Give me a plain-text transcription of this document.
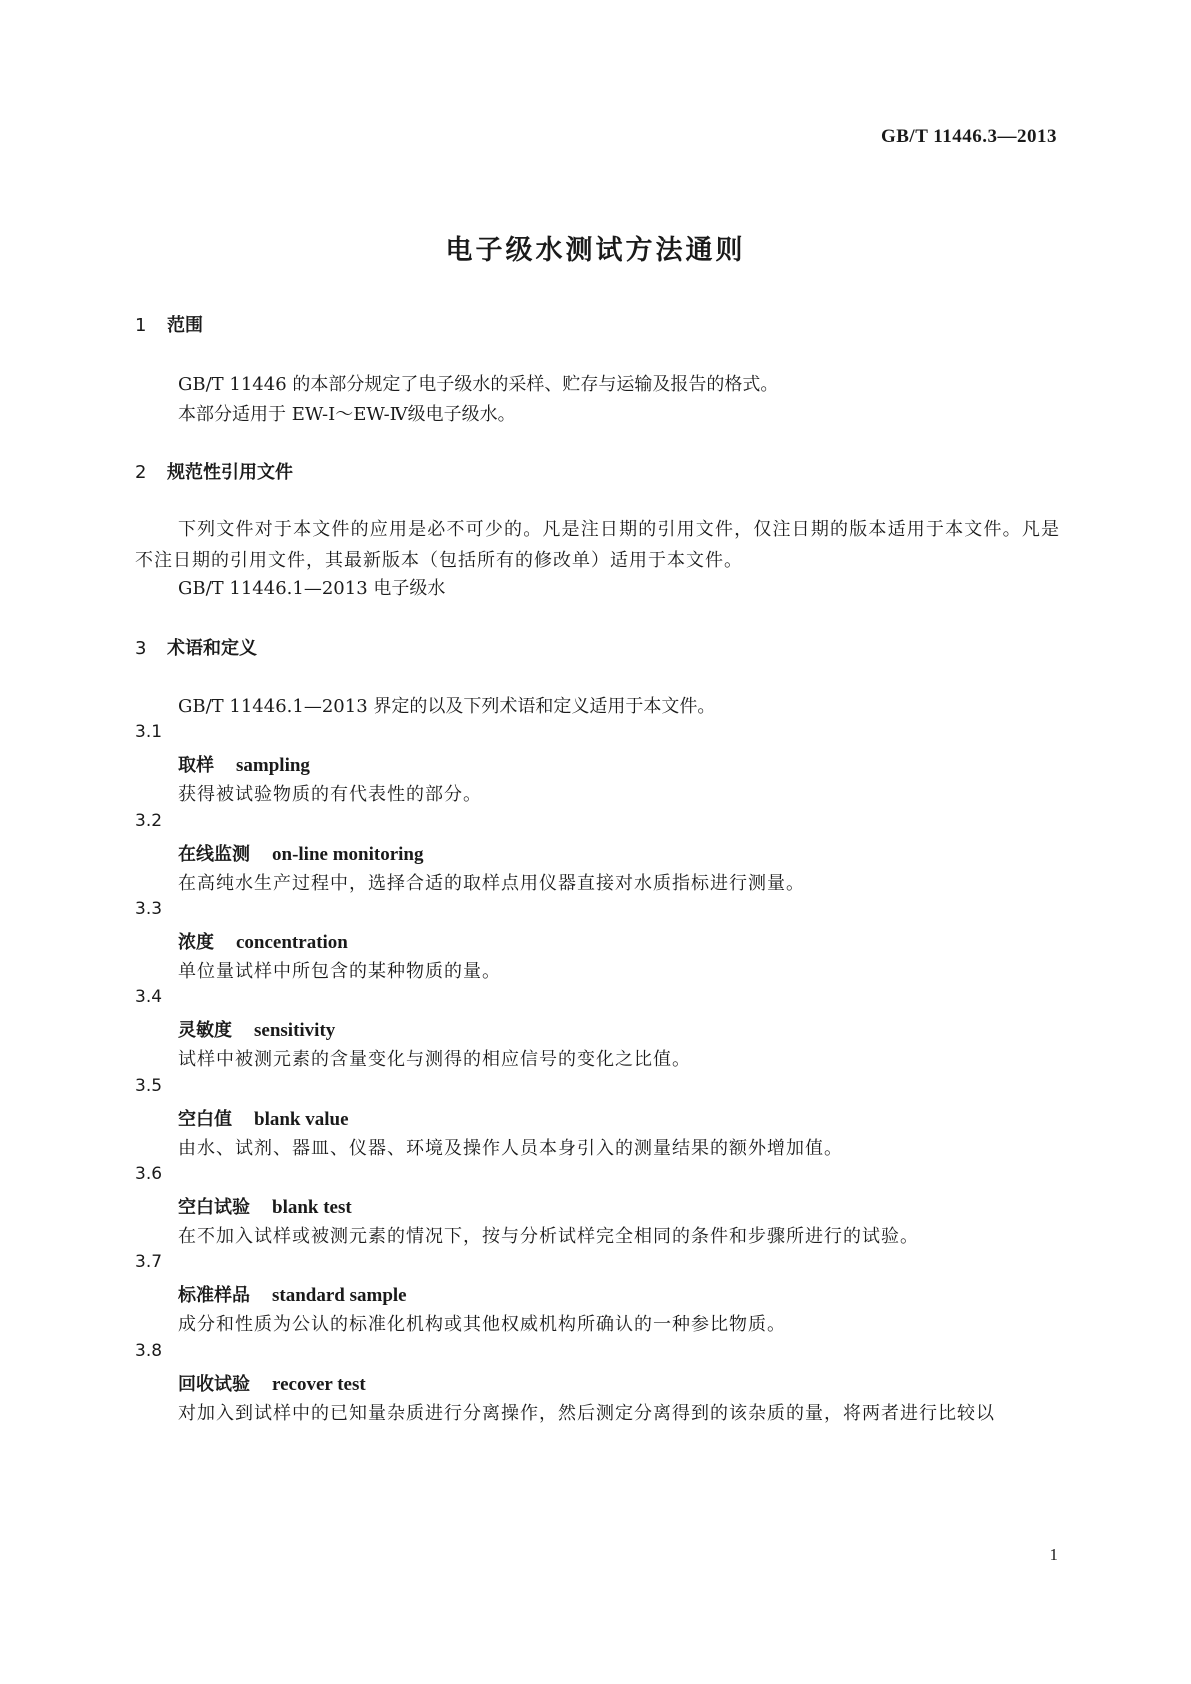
GB/T 11446.3—2013
电子级水测试方法通则
1 范围
GB/T 11446 的本部分规定了电子级水的采样、贮存与运输及报告的格式。
本部分适用于 EW-Ⅰ～EW-Ⅳ级电子级水。
2 规范性引用文件
下列文件对于本文件的应用是必不可少的。凡是注日期的引用文件，仅注日期的版本适用于本文件。凡是不注日期的引用文件，其最新版本（包括所有的修改单）适用于本文件。
GB/T 11446.1—2013 电子级水
3 术语和定义
GB/T 11446.1—2013 界定的以及下列术语和定义适用于本文件。
3.1
取样 sampling
获得被试验物质的有代表性的部分。
3.2
在线监测 on-line monitoring
在高纯水生产过程中，选择合适的取样点用仪器直接对水质指标进行测量。
3.3
浓度 concentration
单位量试样中所包含的某种物质的量。
3.4
灵敏度 sensitivity
试样中被测元素的含量变化与测得的相应信号的变化之比值。
3.5
空白值 blank value
由水、试剂、器皿、仪器、环境及操作人员本身引入的测量结果的额外增加值。
3.6
空白试验 blank test
在不加入试样或被测元素的情况下，按与分析试样完全相同的条件和步骤所进行的试验。
3.7
标准样品 standard sample
成分和性质为公认的标准化机构或其他权威机构所确认的一种参比物质。
3.8
回收试验 recover test
对加入到试样中的已知量杂质进行分离操作，然后测定分离得到的该杂质的量，将两者进行比较以
1
